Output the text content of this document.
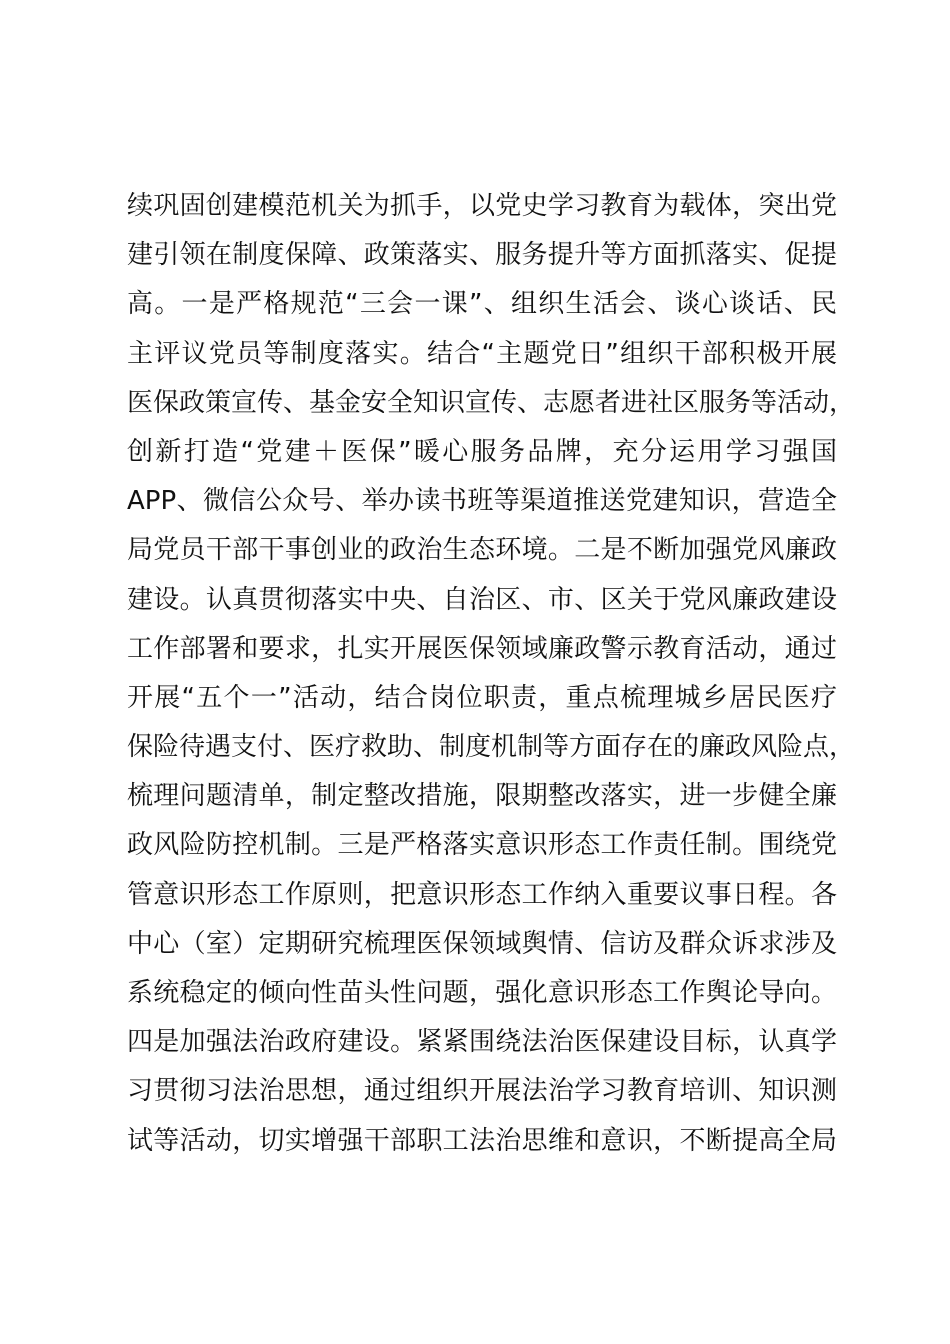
续巩固创建模范机关为抓手，以党史学习教育为载体，突出党
建引领在制度保障、政策落实、服务提升等方面抓落实、促提
高。一是严格规范“三会一课”、组织生活会、谈心谈话、民
主评议党员等制度落实。结合“主题党日”组织干部积极开展
医保政策宣传、基金安全知识宣传、志愿者进社区服务等活动，
创新打造“党建＋医保”暖心服务品牌，充分运用学习强国
APP、微信公众号、举办读书班等渠道推送党建知识，营造全
局党员干部干事创业的政治生态环境。二是不断加强党风廉政
建设。认真贯彻落实中央、自治区、市、区关于党风廉政建设
工作部署和要求，扎实开展医保领域廉政警示教育活动，通过
开展“五个一”活动，结合岗位职责，重点梳理城乡居民医疗
保险待遇支付、医疗救助、制度机制等方面存在的廉政风险点，
梳理问题清单，制定整改措施，限期整改落实，进一步健全廉
政风险防控机制。三是严格落实意识形态工作责任制。围绕党
管意识形态工作原则，把意识形态工作纳入重要议事日程。各
中心（室）定期研究梳理医保领域舆情、信访及群众诉求涉及
系统稳定的倾向性苗头性问题，强化意识形态工作舆论导向。
四是加强法治政府建设。紧紧围绕法治医保建设目标，认真学
习贯彻习法治思想，通过组织开展法治学习教育培训、知识测
试等活动，切实增强干部职工法治思维和意识，不断提高全局
